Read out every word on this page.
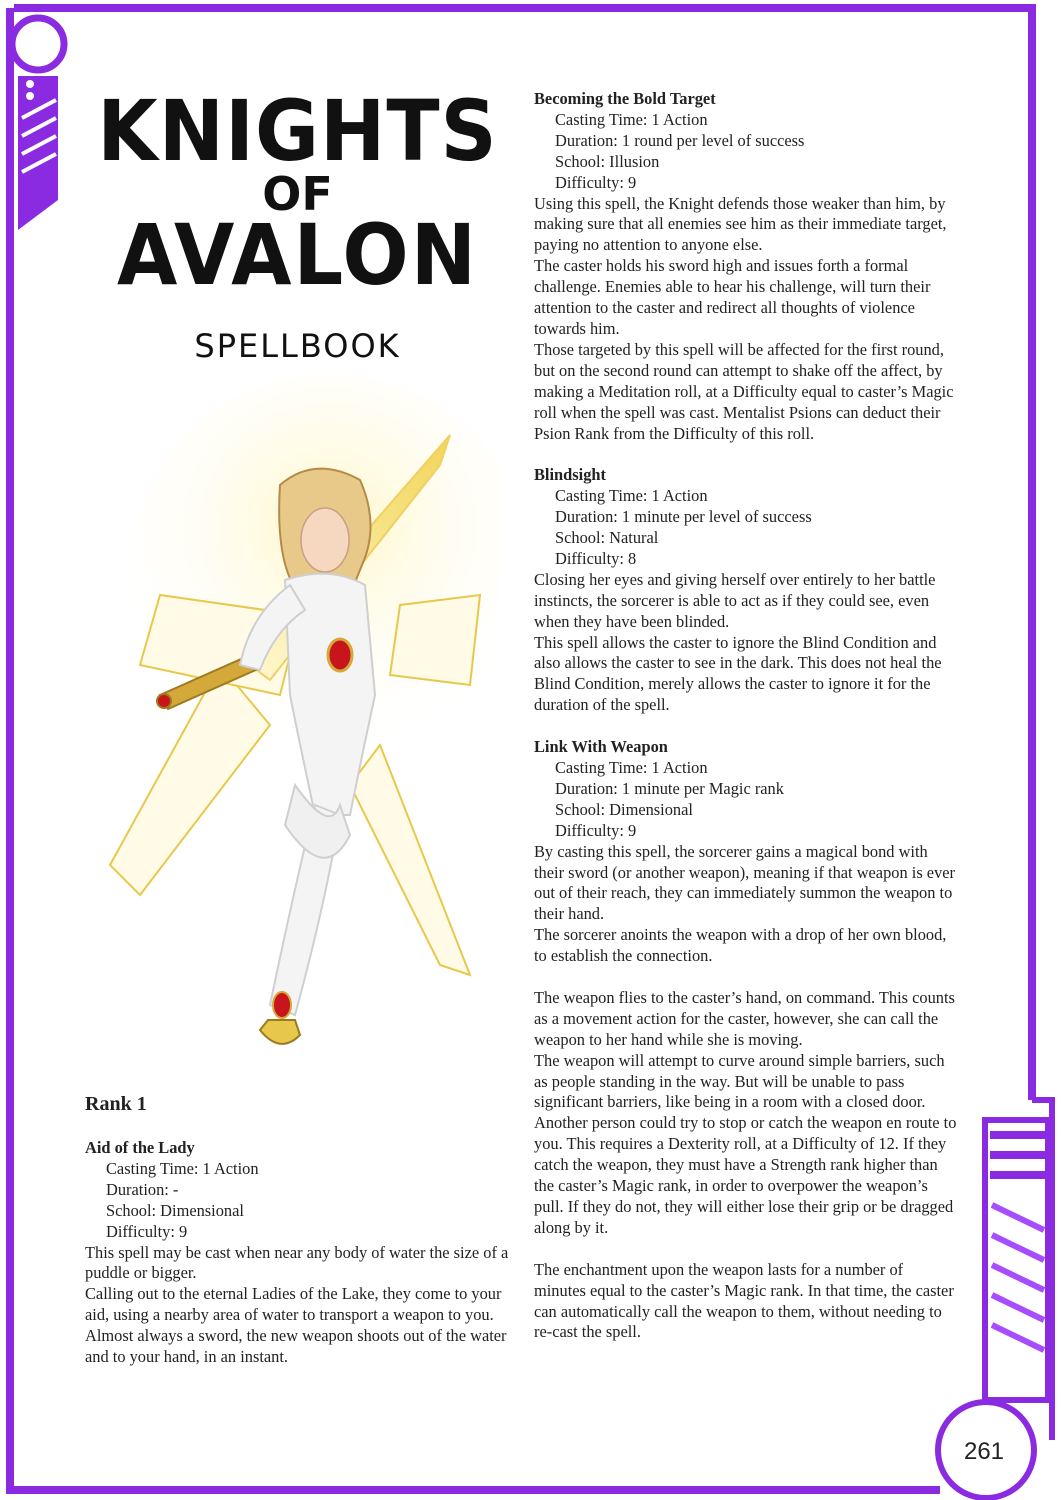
KNIGHTS
OF
AVALON
SPELLBOOK
Rank 1

Aid of the Lady

Casting Time: 1 Action

Duration: -

School: Dimensional

Difficulty: 9

This spell may be cast when near any body of water the size of a puddle or bigger.

Calling out to the eternal Ladies of the Lake, they come to your aid, using a nearby area of water to transport a weapon to you.

Almost always a sword, the new weapon shoots out of the water and to your hand, in an instant.

Becoming the Bold Target

Casting Time: 1 Action

Duration: 1 round per level of success

School: Illusion

Difficulty: 9

Using this spell, the Knight defends those weaker than him, by making sure that all enemies see him as their immediate target, paying no attention to anyone else.

The caster holds his sword high and issues forth a formal challenge. Enemies able to hear his challenge, will turn their attention to the caster and redirect all thoughts of violence towards him.

Those targeted by this spell will be affected for the first round, but on the second round can attempt to shake off the affect, by making a Meditation roll, at a Difficulty equal to caster’s Magic roll when the spell was cast. Mentalist Psions can deduct their Psion Rank from the Difficulty of this roll.

Blindsight

Casting Time: 1 Action

Duration: 1 minute per level of success

School: Natural

Difficulty: 8

Closing her eyes and giving herself over entirely to her battle instincts, the sorcerer is able to act as if they could see, even when they have been blinded.

This spell allows the caster to ignore the Blind Condition and also allows the caster to see in the dark. This does not heal the Blind Condition, merely allows the caster to ignore it for the duration of the spell.

Link With Weapon

Casting Time: 1 Action

Duration: 1 minute per Magic rank

School: Dimensional

Difficulty: 9

By casting this spell, the sorcerer gains a magical bond with their sword (or another weapon), meaning if that weapon is ever out of their reach, they can immediately summon the weapon to their hand.

The sorcerer anoints the weapon with a drop of her own blood, to establish the connection.

The weapon flies to the caster’s hand, on command. This counts as a movement action for the caster, however, she can call the weapon to her hand while she is moving.

The weapon will attempt to curve around simple barriers, such as people standing in the way. But will be unable to pass significant barriers, like being in a room with a closed door.

Another person could try to stop or catch the weapon en route to you. This requires a Dexterity roll, at a Difficulty of 12. If they catch the weapon, they must have a Strength rank higher than the caster’s Magic rank, in order to overpower the weapon’s pull. If they do not, they will either lose their grip or be dragged along by it.

The enchantment upon the weapon lasts for a number of minutes equal to the caster’s Magic rank. In that time, the caster can automatically call the weapon to them, without needing to re-cast the spell.

261
